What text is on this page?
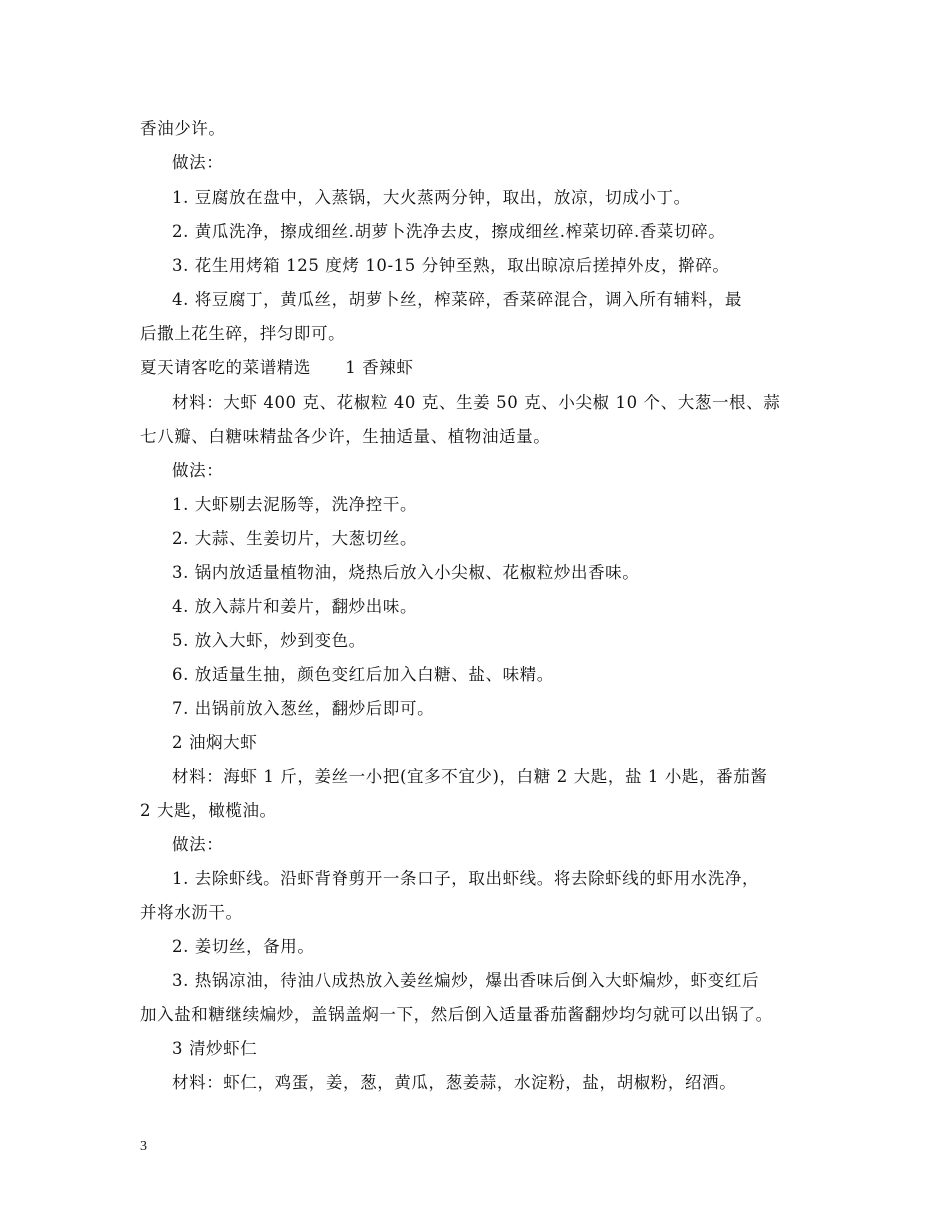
香油少许。
做法：
1. 豆腐放在盘中，入蒸锅，大火蒸两分钟，取出，放凉，切成小丁。
2. 黄瓜洗净，擦成细丝.胡萝卜洗净去皮，擦成细丝.榨菜切碎.香菜切碎。
3. 花生用烤箱 125 度烤 10-15 分钟至熟，取出晾凉后搓掉外皮，擀碎。
4. 将豆腐丁，黄瓜丝，胡萝卜丝，榨菜碎，香菜碎混合，调入所有辅料，最
后撒上花生碎，拌匀即可。
夏天请客吃的菜谱精选　　1 香辣虾
材料：大虾 400 克、花椒粒 40 克、生姜 50 克、小尖椒 10 个、大葱一根、蒜
七八瓣、白糖味精盐各少许，生抽适量、植物油适量。
做法：
1. 大虾剔去泥肠等，洗净控干。
2. 大蒜、生姜切片，大葱切丝。
3. 锅内放适量植物油，烧热后放入小尖椒、花椒粒炒出香味。
4. 放入蒜片和姜片，翻炒出味。
5. 放入大虾，炒到变色。
6. 放适量生抽，颜色变红后加入白糖、盐、味精。
7. 出锅前放入葱丝，翻炒后即可。
2 油焖大虾
材料：海虾 1 斤，姜丝一小把(宜多不宜少)，白糖 2 大匙，盐 1 小匙，番茄酱
2 大匙，橄榄油。
做法：
1. 去除虾线。沿虾背脊剪开一条口子，取出虾线。将去除虾线的虾用水洗净，
并将水沥干。
2. 姜切丝，备用。
3. 热锅凉油，待油八成热放入姜丝煸炒，爆出香味后倒入大虾煸炒，虾变红后
加入盐和糖继续煸炒，盖锅盖焖一下，然后倒入适量番茄酱翻炒均匀就可以出锅了。
3 清炒虾仁
材料：虾仁，鸡蛋，姜，葱，黄瓜，葱姜蒜，水淀粉，盐，胡椒粉，绍酒。
3
